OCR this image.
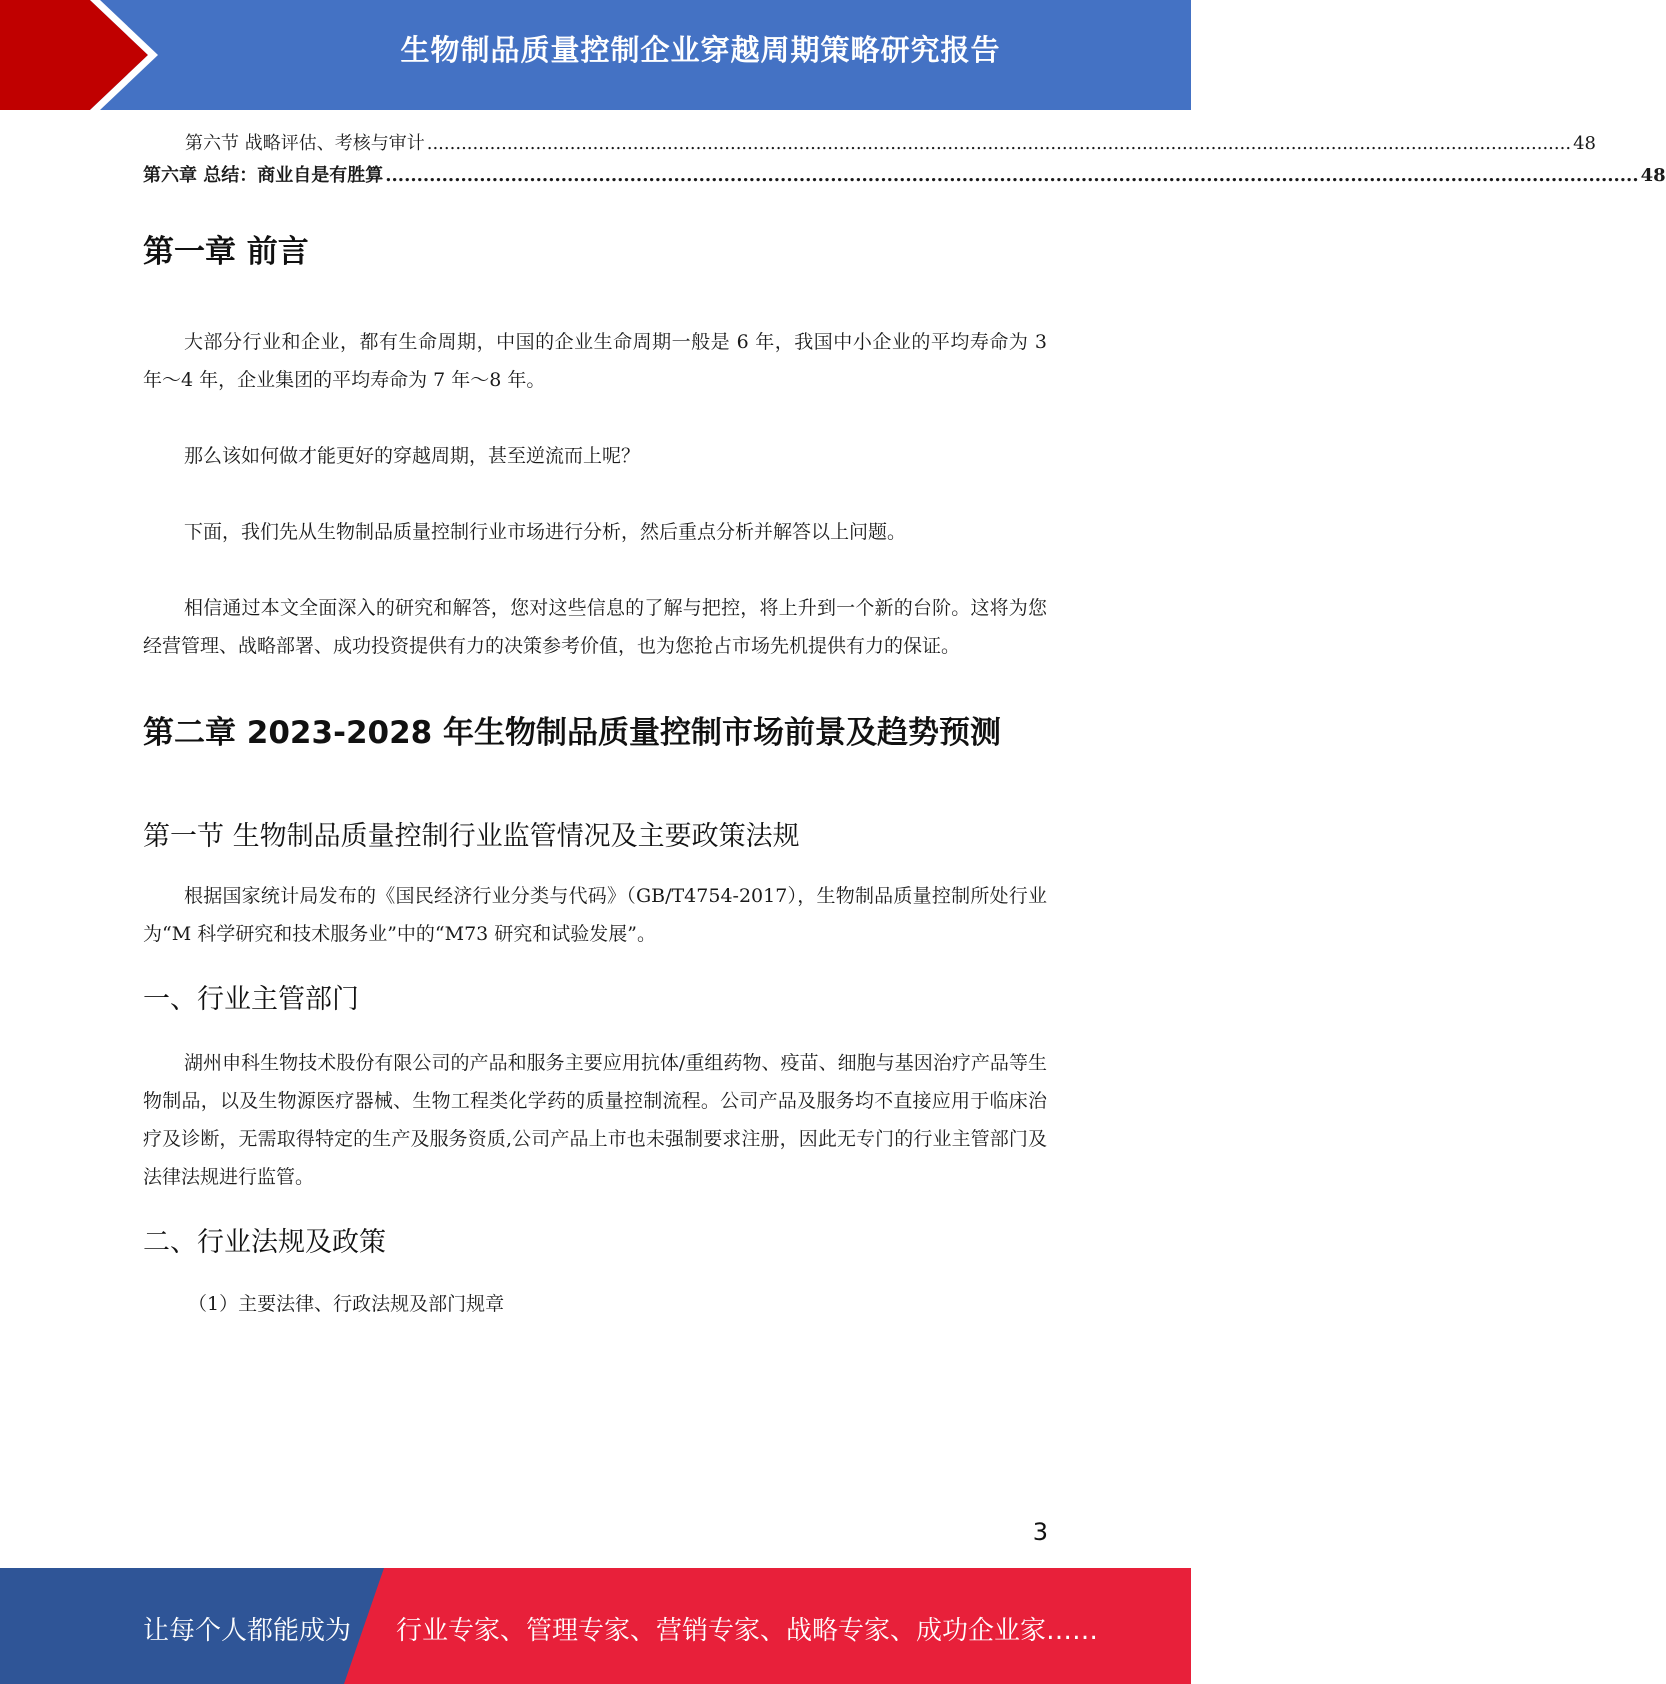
生物制品质量控制企业穿越周期策略研究报告
第六节 战略评估、考核与审计 ........................................................................................................................................................................................................ 48
第六章 总结：商业自是有胜算 ........................................................................................................................................................................................................ 48
第一章 前言

大部分行业和企业，都有生命周期，中国的企业生命周期一般是 6 年，我国中小企业的平均寿命为 3 年～4 年，企业集团的平均寿命为 7 年～8 年。

那么该如何做才能更好的穿越周期，甚至逆流而上呢？

下面，我们先从生物制品质量控制行业市场进行分析，然后重点分析并解答以上问题。

相信通过本文全面深入的研究和解答，您对这些信息的了解与把控，将上升到一个新的台阶。这将为您经营管理、战略部署、成功投资提供有力的决策参考价值，也为您抢占市场先机提供有力的保证。

第二章 2023-2028 年生物制品质量控制市场前景及趋势预测
第一节 生物制品质量控制行业监管情况及主要政策法规

根据国家统计局发布的《国民经济行业分类与代码》（GB/T4754-2017），生物制品质量控制所处行业为“M 科学研究和技术服务业”中的“M73 研究和试验发展”。

一、行业主管部门

湖州申科生物技术股份有限公司的产品和服务主要应用抗体/重组药物、疫苗、细胞与基因治疗产品等生物制品，以及生物源医疗器械、生物工程类化学药的质量控制流程。公司产品及服务均不直接应用于临床治疗及诊断，无需取得特定的生产及服务资质,公司产品上市也未强制要求注册，因此无专门的行业主管部门及法律法规进行监管。

二、行业法规及政策
（1）主要法律、行政法规及部门规章
3
让每个人都能成为 行业专家、管理专家、营销专家、战略专家、成功企业家……
